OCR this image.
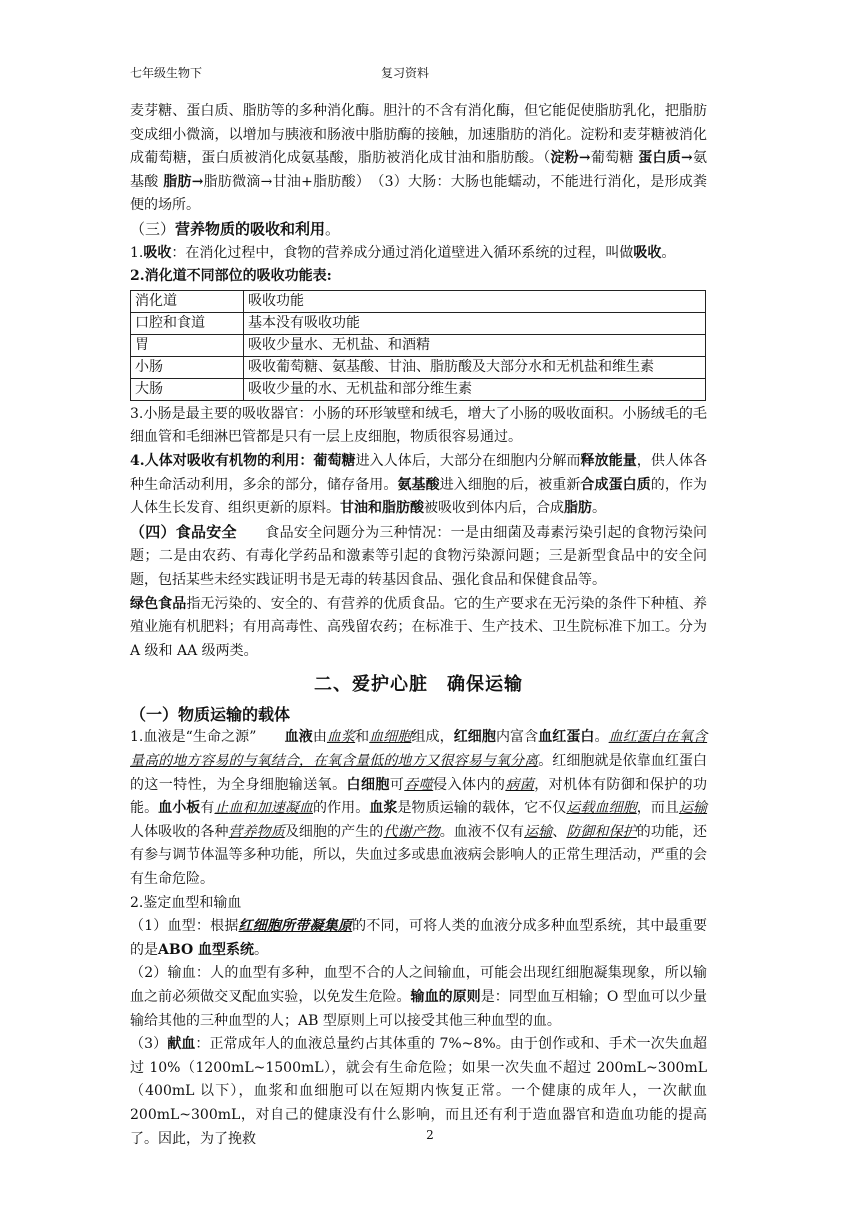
七年级生物下	复习资料

麦芽糖、蛋白质、脂肪等的多种消化酶。胆汁的不含有消化酶，但它能促使脂肪乳化，把脂肪变成细小微滴，以增加与胰液和肠液中脂肪酶的接触，加速脂肪的消化。淀粉和麦芽糖被消化成葡萄糖，蛋白质被消化成氨基酸，脂肪被消化成甘油和脂肪酸。（淀粉→葡萄糖 蛋白质→氨基酸 脂肪→脂肪微滴→甘油+脂肪酸）　（3）大肠：大肠也能蠕动，不能进行消化，是形成粪便的场所。

（三）营养物质的吸收和利用。

1.吸收：在消化过程中，食物的营养成分通过消化道壁进入循环系统的过程，叫做吸收。

2.消化道不同部位的吸收功能表:

消化道	吸收功能
口腔和食道	基本没有吸收功能
胃	吸收少量水、无机盐、和酒精
小肠	吸收葡萄糖、氨基酸、甘油、脂肪酸及大部分水和无机盐和维生素
大肠	吸收少量的水、无机盐和部分维生素

3.小肠是最主要的吸收器官：小肠的环形皱壁和绒毛，增大了小肠的吸收面积。小肠绒毛的毛细血管和毛细淋巴管都是只有一层上皮细胞，物质很容易通过。

4.人体对吸收有机物的利用：葡萄糖进入人体后，大部分在细胞内分解而释放能量，供人体各种生命活动利用，多余的部分，储存备用。氨基酸进入细胞的后，被重新合成蛋白质的，作为人体生长发育、组织更新的原料。甘油和脂肪酸被吸收到体内后，合成脂肪。

（四）食品安全　　食品安全问题分为三种情况：一是由细菌及毒素污染引起的食物污染问题；二是由农药、有毒化学药品和激素等引起的食物污染源问题；三是新型食品中的安全问题，包括某些未经实践证明书是无毒的转基因食品、强化食品和保健食品等。

绿色食品指无污染的、安全的、有营养的优质食品。它的生产要求在无污染的条件下种植、养殖业施有机肥料；有用高毒性、高残留农药；在标准于、生产技术、卫生院标准下加工。分为 A 级和 AA 级两类。

二、爱护心脏　确保运输
（一）物质运输的载体

1.血液是“生命之源”　　血液由血浆和血细胞组成，红细胞内富含血红蛋白。血红蛋白在氧含量高的地方容易的与氧结合，在氧含量低的地方又很容易与氧分离。红细胞就是依靠血红蛋白的这一特性，为全身细胞输送氧。白细胞可吞噬侵入体内的病菌，对机体有防御和保护的功能。血小板有止血和加速凝血的作用。血浆是物质运输的载体，它不仅运载血细胞，而且运输人体吸收的各种营养物质及细胞的产生的代谢产物。血液不仅有运输、防御和保护的功能，还有参与调节体温等多种功能，所以，失血过多或患血液病会影响人的正常生理活动，严重的会有生命危险。

2.鉴定血型和输血

（1）血型：根据红细胞所带凝集原的不同，可将人类的血液分成多种血型系统，其中最重要的是ABO 血型系统。

（2）输血：人的血型有多种，血型不合的人之间输血，可能会出现红细胞凝集现象，所以输血之前必须做交叉配血实验，以免发生危险。输血的原则是：同型血互相输；O 型血可以少量输给其他的三种血型的人；AB 型原则上可以接受其他三种血型的血。

（3）献血：正常成年人的血液总量约占其体重的 7%~8%。由于创作或和、手术一次失血超过 10%（1200mL~1500mL），就会有生命危险；如果一次失血不超过 200mL~300mL（400mL 以下），血浆和血细胞可以在短期内恢复正常。一个健康的成年人，一次献血 200mL~300mL，对自己的健康没有什么影响，而且还有利于造血器官和造血功能的提高了。因此，为了挽救	2
